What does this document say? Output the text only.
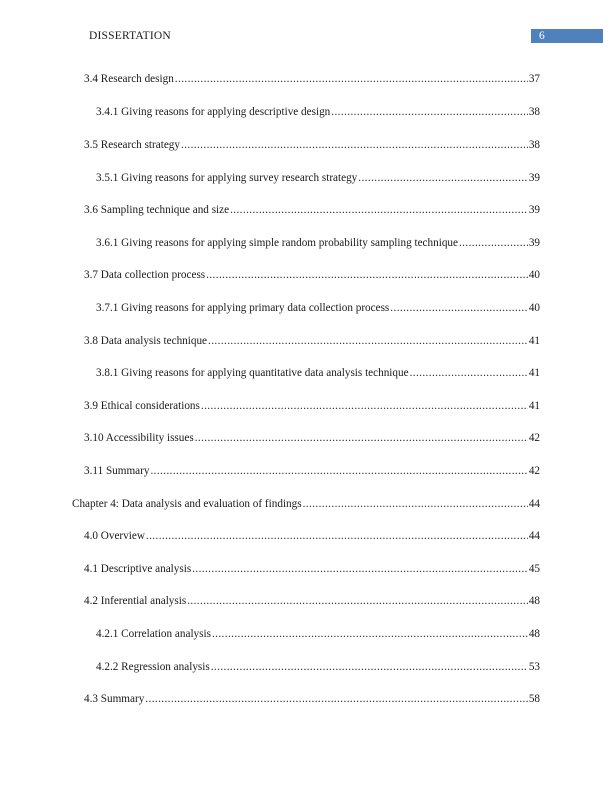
DISSERTATION	6
3.4 Research design .....	37
3.4.1 Giving reasons for applying descriptive design .....	38
3.5 Research strategy .....	38
3.5.1 Giving reasons for applying survey research strategy .....	39
3.6 Sampling technique and size .....	39
3.6.1 Giving reasons for applying simple random probability sampling technique .....	39
3.7 Data collection process .....	40
3.7.1 Giving reasons for applying primary data collection process .....	40
3.8 Data analysis technique .....	41
3.8.1 Giving reasons for applying quantitative data analysis technique .....	41
3.9 Ethical considerations .....	41
3.10 Accessibility issues .....	42
3.11 Summary .....	42
Chapter 4: Data analysis and evaluation of findings .....	44
4.0 Overview .....	44
4.1 Descriptive analysis .....	45
4.2 Inferential analysis .....	48
4.2.1 Correlation analysis .....	48
4.2.2 Regression analysis .....	53
4.3 Summary .....	58
